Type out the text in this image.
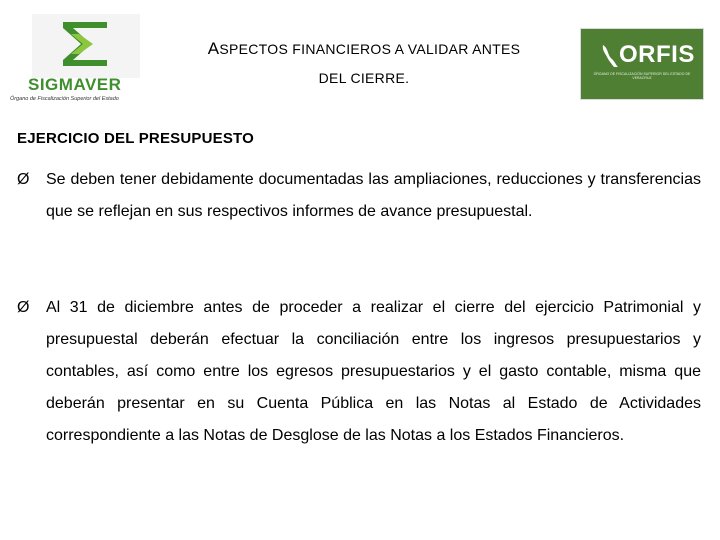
SIGMAVER
Órgano de Fiscalización Superior del Estado
ASPECTOS FINANCIEROS A VALIDAR ANTES
DEL CIERRE.
ORFIS
ÓRGANO DE FISCALIZACIÓN SUPERIOR DEL ESTADO DE VERACRUZ
EJERCICIO DEL PRESUPUESTO
Ø	Se deben tener debidamente documentadas las ampliaciones, reducciones y transferencias que se reflejan en sus respectivos informes de avance presupuestal.
Ø	Al 31 de diciembre antes de proceder a realizar el cierre del ejercicio Patrimonial y presupuestal deberán efectuar la conciliación entre los ingresos presupuestarios y contables, así como entre los egresos presupuestarios y el gasto contable, misma que deberán presentar en su Cuenta Pública en las Notas al Estado de Actividades correspondiente a las Notas de Desglose de las Notas a los Estados Financieros.
